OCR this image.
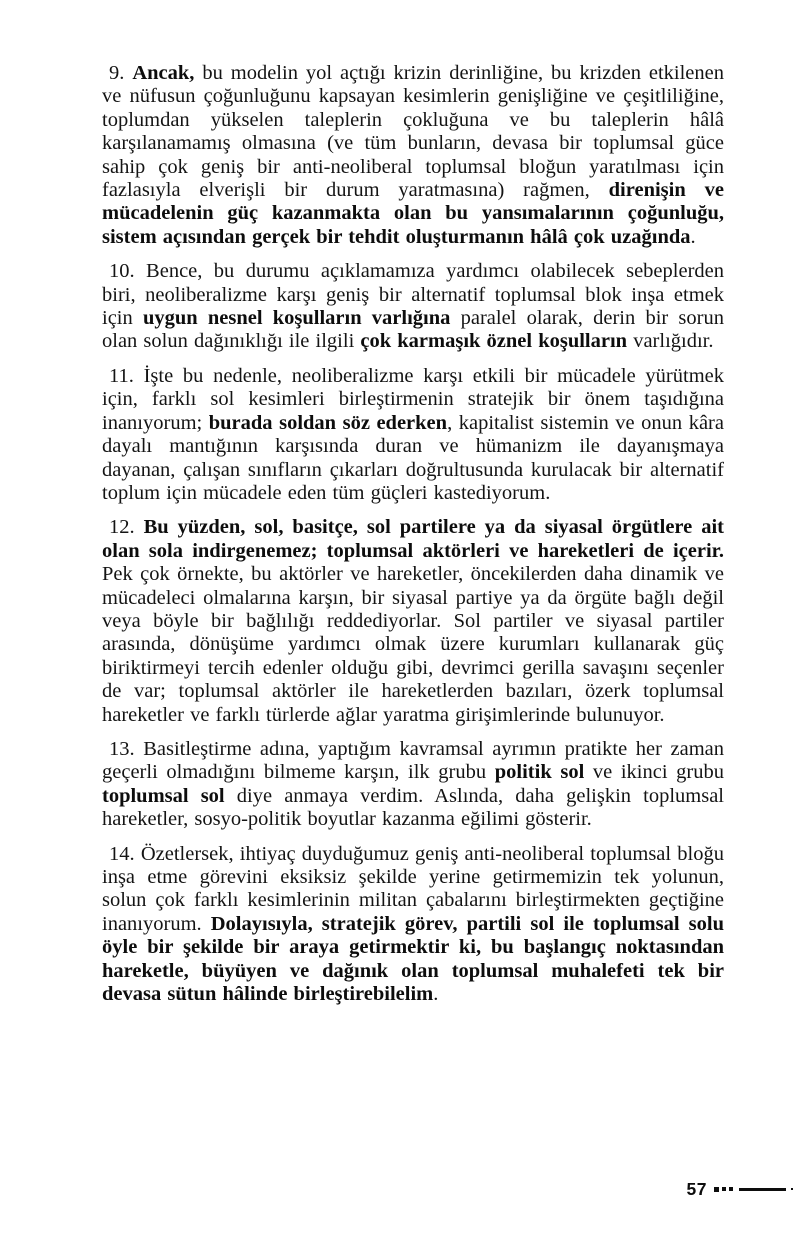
9. Ancak, bu modelin yol açtığı krizin derinliğine, bu krizden etkilenen ve nüfusun çoğunluğunu kapsayan kesimlerin genişliğine ve çeşitliliğine, toplumdan yükselen taleplerin çokluğuna ve bu taleplerin hâlâ karşılanamamış olmasına (ve tüm bunların, devasa bir toplumsal güce sahip çok geniş bir anti-neoliberal toplumsal bloğun yaratılması için fazlasıyla elverişli bir durum yaratmasına) rağmen, direnişin ve mücadelenin güç kazanmakta olan bu yansımalarının çoğunluğu, sistem açısından gerçek bir tehdit oluşturmanın hâlâ çok uzağında.

10. Bence, bu durumu açıklamamıza yardımcı olabilecek sebeplerden biri, neoliberalizme karşı geniş bir alternatif toplumsal blok inşa etmek için uygun nesnel koşulların varlığına paralel olarak, derin bir sorun olan solun dağınıklığı ile ilgili çok karmaşık öznel koşulların varlığıdır.

11. İşte bu nedenle, neoliberalizme karşı etkili bir mücadele yürütmek için, farklı sol kesimleri birleştirmenin stratejik bir önem taşıdığına inanıyorum; burada soldan söz ederken, kapitalist sistemin ve onun kâra dayalı mantığının karşısında duran ve hümanizm ile dayanışmaya dayanan, çalışan sınıfların çıkarları doğrultusunda kurulacak bir alternatif toplum için mücadele eden tüm güçleri kastediyorum.

12. Bu yüzden, sol, basitçe, sol partilere ya da siyasal örgütlere ait olan sola indirgenemez; toplumsal aktörleri ve hareketleri de içerir. Pek çok örnekte, bu aktörler ve hareketler, öncekilerden daha dinamik ve mücadeleci olmalarına karşın, bir siyasal partiye ya da örgüte bağlı değil veya böyle bir bağlılığı reddediyorlar. Sol partiler ve siyasal partiler arasında, dönüşüme yardımcı olmak üzere kurumları kullanarak güç biriktirmeyi tercih edenler olduğu gibi, devrimci gerilla savaşını seçenler de var; toplumsal aktörler ile hareketlerden bazıları, özerk toplumsal hareketler ve farklı türlerde ağlar yaratma girişimlerinde bulunuyor.

13. Basitleştirme adına, yaptığım kavramsal ayrımın pratikte her zaman geçerli olmadığını bilmeme karşın, ilk grubu politik sol ve ikinci grubu toplumsal sol diye anmaya verdim. Aslında, daha gelişkin toplumsal hareketler, sosyo-politik boyutlar kazanma eğilimi gösterir.

14. Özetlersek, ihtiyaç duyduğumuz geniş anti-neoliberal toplumsal bloğu inşa etme görevini eksiksiz şekilde yerine getirmemizin tek yolunun, solun çok farklı kesimlerinin militan çabalarını birleştirmekten geçtiğine inanıyorum. Dolayısıyla, stratejik görev, partili sol ile toplumsal solu öyle bir şekilde bir araya getirmektir ki, bu başlangıç noktasından hareketle, büyüyen ve dağınık olan toplumsal muhalefeti tek bir devasa sütun hâlinde birleştirebilelim.

57
